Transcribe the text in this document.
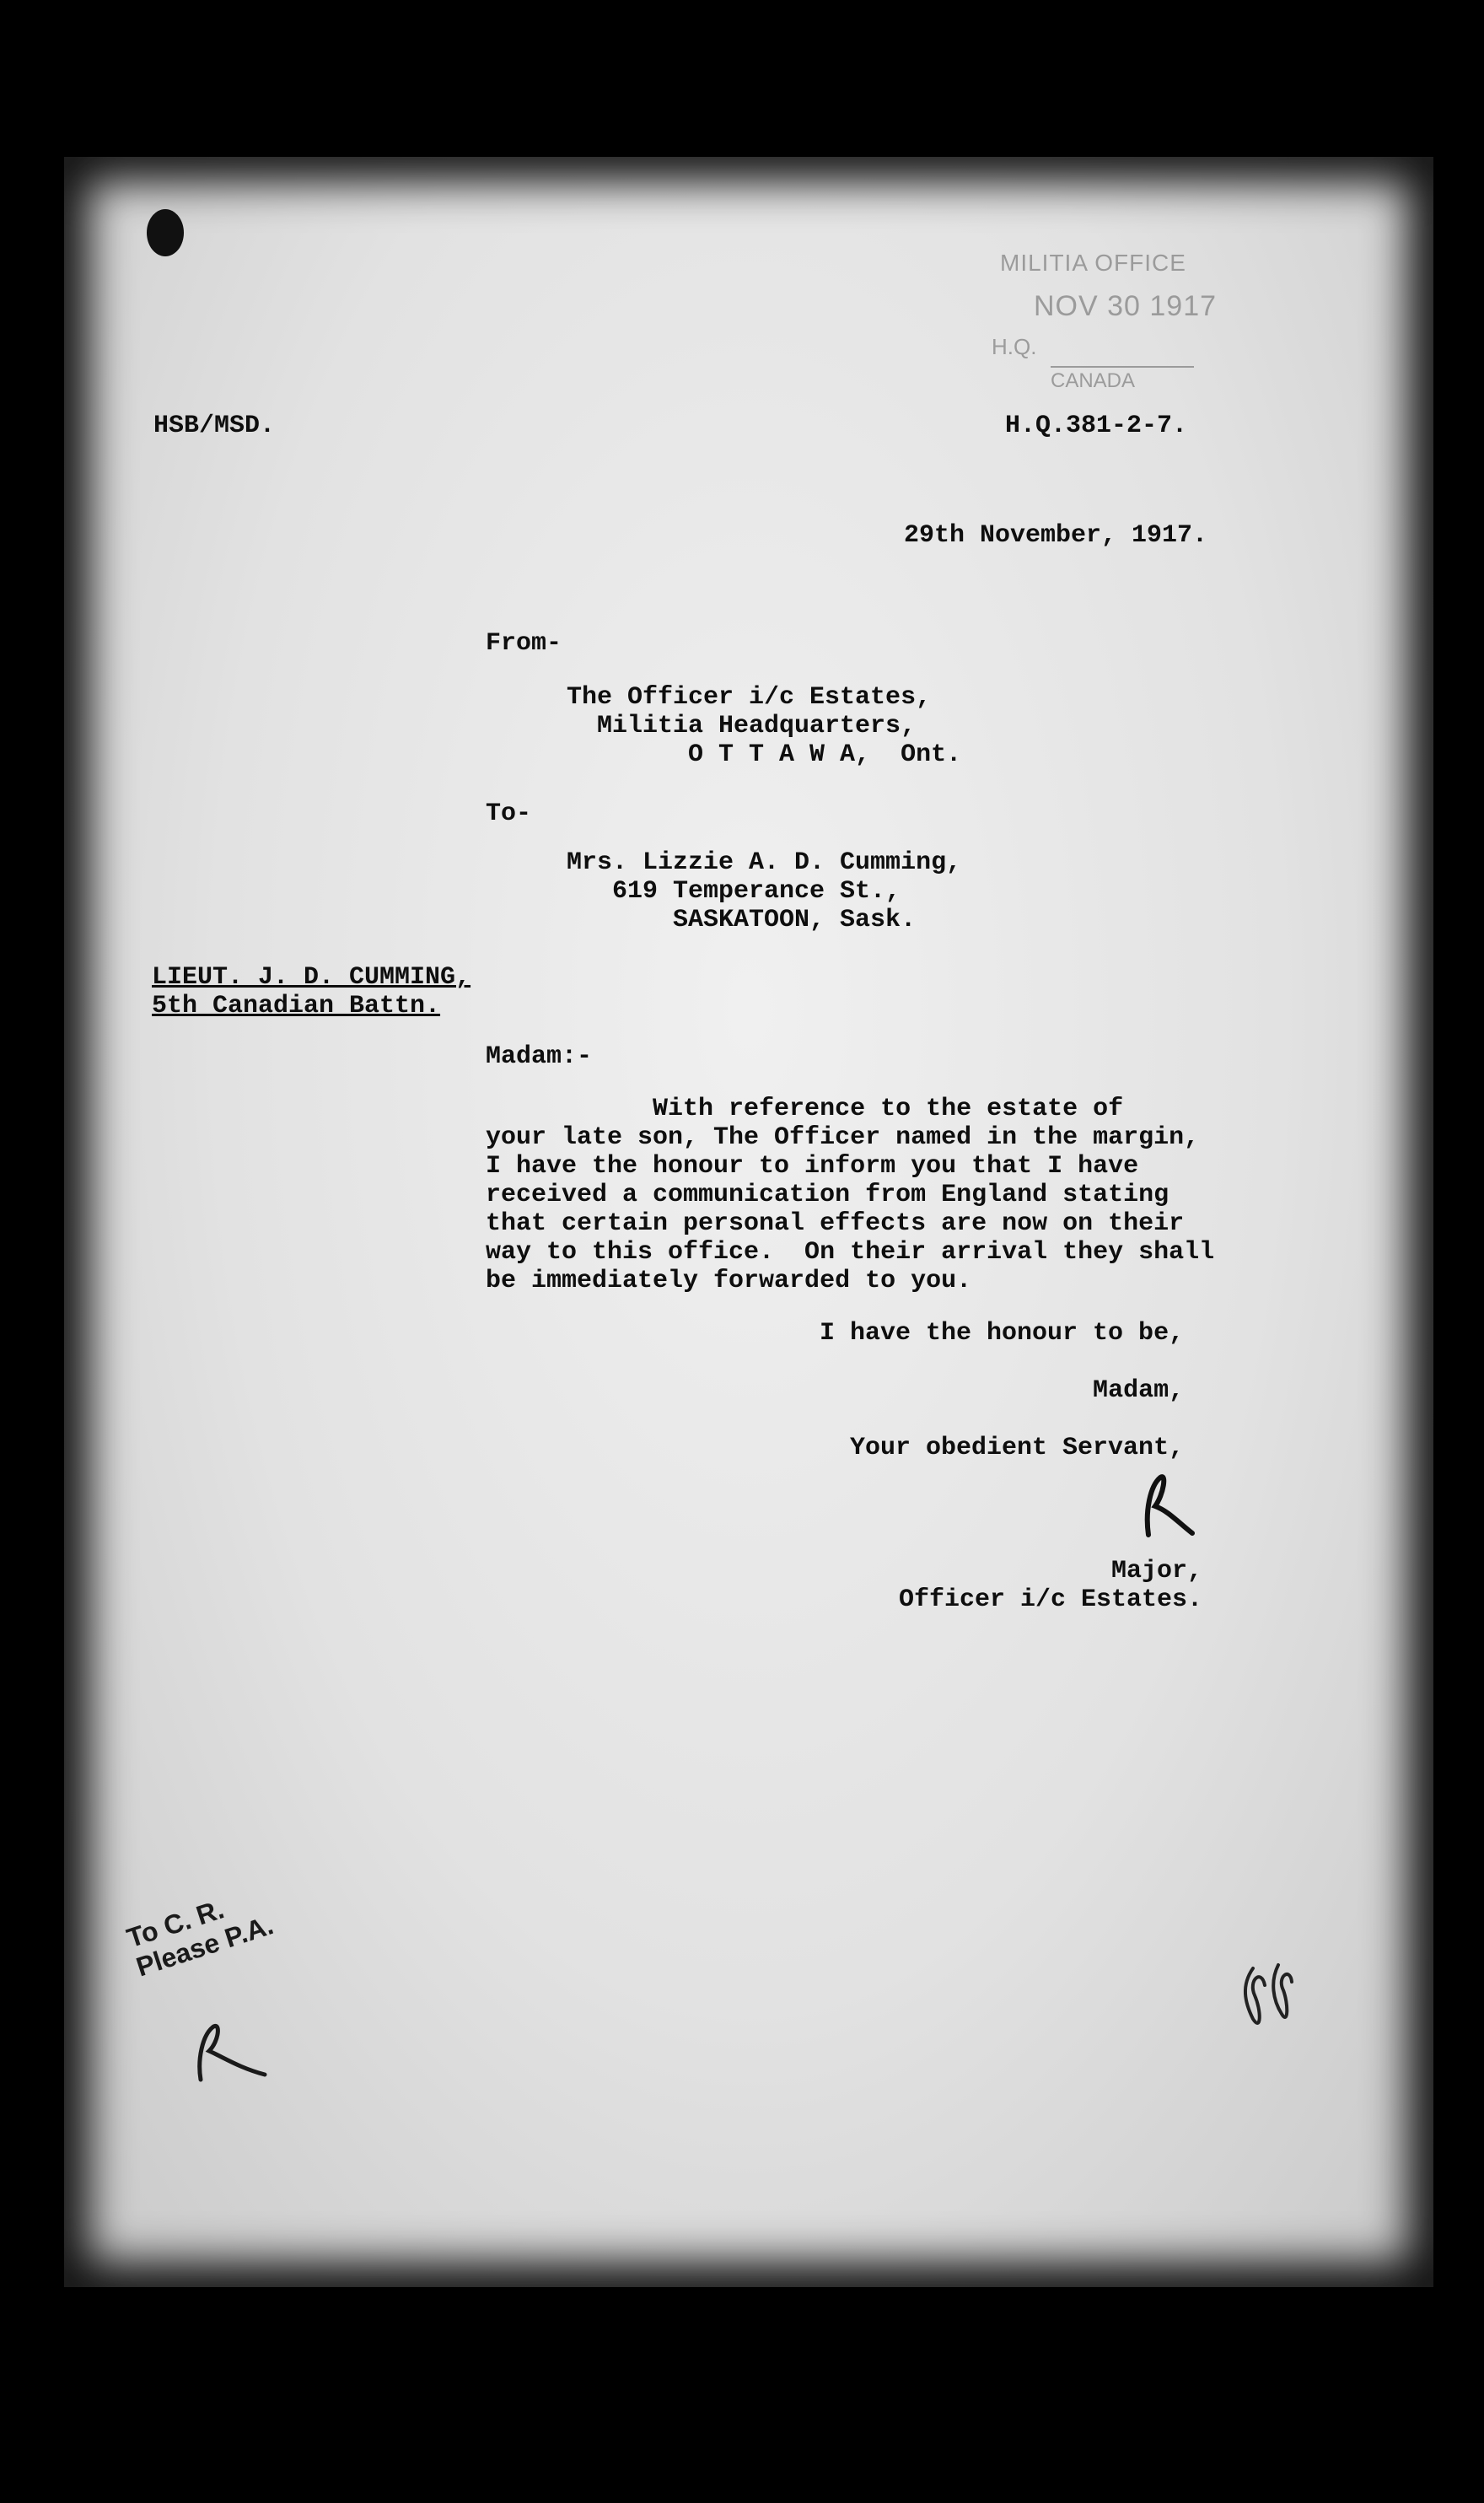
MILITIA OFFICE
NOV 30 1917
H.Q.
CANADA
HSB/MSD.	H.Q.381-2-7.
29th November, 1917.
From-
The Officer i/c Estates,
Militia Headquarters,
O T T A W A,  Ont.
To-
Mrs. Lizzie A. D. Cumming,
619 Temperance St.,
SASKATOON, Sask.
LIEUT. J. D. CUMMING,
5th Canadian Battn.
Madam:-
With reference to the estate of
your late son, The Officer named in the margin,
I have the honour to inform you that I have
received a communication from England stating
that certain personal effects are now on their
way to this office.  On their arrival they shall
be immediately forwarded to you.
I have the honour to be,

Madam,

Your obedient Servant,
Major,
Officer i/c Estates.
To C. R.
Please P.A.
